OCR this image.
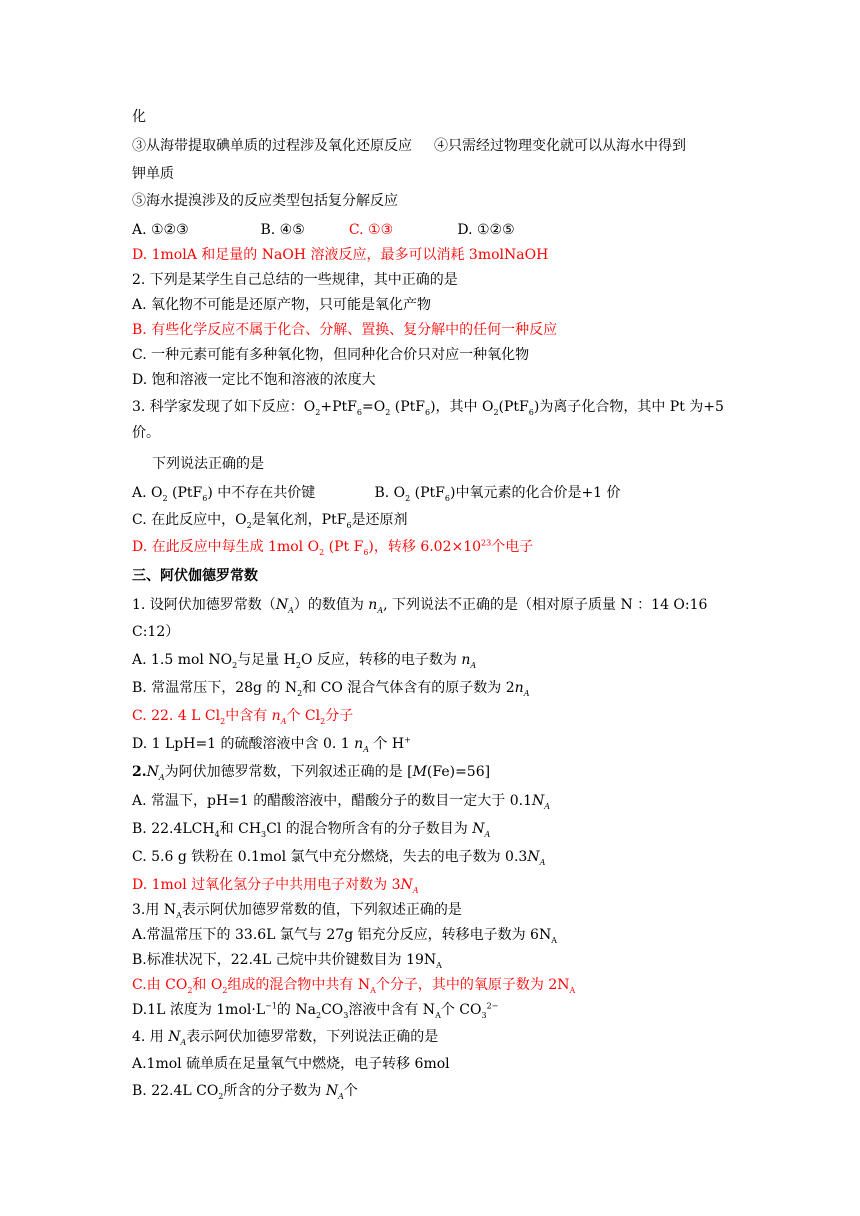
化
③从海带提取碘单质的过程涉及氧化还原反应 ④只需经过物理变化就可以从海水中得到
钾单质
⑤海水提溴涉及的反应类型包括复分解反应
A. ①②③	B. ④⑤	C. ①③	D. ①②⑤
D. 1molA 和足量的 NaOH 溶液反应，最多可以消耗 3molNaOH
2. 下列是某学生自己总结的一些规律，其中正确的是
A. 氧化物不可能是还原产物，只可能是氧化产物
B. 有些化学反应不属于化合、分解、置换、复分解中的任何一种反应
C. 一种元素可能有多种氧化物，但同种化合价只对应一种氧化物
D. 饱和溶液一定比不饱和溶液的浓度大
3. 科学家发现了如下反应：$O_2+PtF_6=O_2$ (PtF$_6$)，其中 $O_2(PtF_6)$为离子化合物，其中 Pt 为+5
价。
下列说法正确的是
A. $O_2$ (PtF$_6$) 中不存在共价键	B. $O_2$ (PtF$_6$)中氧元素的化合价是+1 价
C. 在此反应中，$O_2$是氧化剂，PtF$_6$是还原剂
D. 在此反应中每生成 1mol $O_2$ (Pt $F_6$)，转移 $6.02\times 10^{23}$个电子
三、阿伏伽德罗常数
1. 设阿伏加德罗常数$(N_A)$的数值为 $n_A$, 下列说法不正确的是（相对原子质量 N ：14 O:16
C:12）
A. 1.5 mol $NO_2$与足量 $H_2O$ 反应，转移的电子数为 $n_A$
B. 常温常压下，28g 的 $N_2$和 CO 混合气体含有的原子数为 $2n_A$
C. 22. 4 L $Cl_2$中含有 $n_A$个 $Cl_2$分子
D. 1 LpH=1 的硫酸溶液中含 0. 1 $n_A$ 个 H+
$2.N_A$为阿伏加德罗常数，下列叙述正确的是 [M(Fe)=56]
A. 常温下，pH=1 的醋酸溶液中，醋酸分子的数目一定大于 $0.1N_A$
B. $22.4LCH_4$和 $CH_3Cl$ 的混合物所含有的分子数目为 $N_A$
C. 5.6 g 铁粉在 0.1mol 氯气中充分燃烧，失去的电子数为 $0.3N_A$
D. 1mol 过氧化氢分子中共用电子对数为 $3N_A$
3.用 $N_A$表示阿伏加德罗常数的值，下列叙述正确的是
A.常温常压下的 33.6L 氯气与 27g 铝充分反应，转移电子数为 $6N_A$
B.标准状况下，22.4L 己烷中共价键数目为 $19N_A$
C.由 $CO_2$和 $O_2$组成的混合物中共有 $N_A$个分子，其中的氧原子数为 $2N_A$
D.1L 浓度为 $1mol\cdot L^{-1}$的 $Na_2CO_3$溶液中含有 $N_A$个 $CO_3^{2-}$
4. 用 $N_A$表示阿伏加德罗常数，下列说法正确的是
A.1mol 硫单质在足量氧气中燃烧，电子转移 6mol
B. 22.4L $CO_2$所含的分子数为 $N_A$个
